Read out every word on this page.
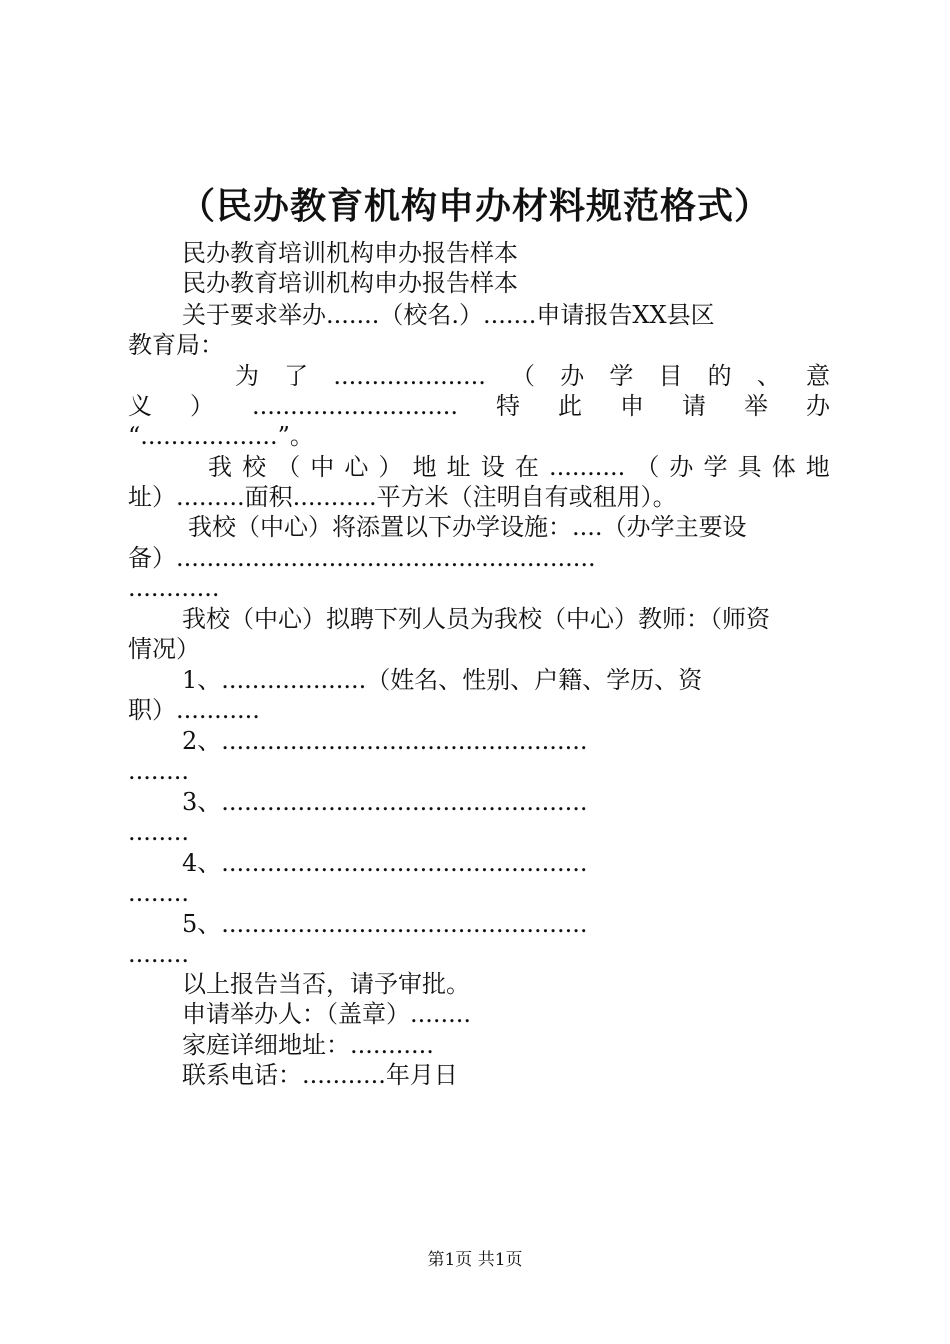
（民办教育机构申办材料规范格式）
民办教育培训机构申办报告样本
民办教育培训机构申办报告样本
关于要求举办.......（校名.）.......申请报告XX县区
教育局：
为 了 .................... （ 办 学 目 的 、 意
义 ） ........................... 特 此 申 请 举 办
“..................”。
我 校 （ 中 心 ） 地 址 设 在 .......... （ 办 学 具 体 地
址）.........面积...........平方米（注明自有或租用）。
我校（中心）将添置以下办学设施：....（办学主要设
备）.......................................................
............
我校（中心）拟聘下列人员为我校（中心）教师：（师资
情况）
1、...................（姓名、性别、户籍、学历、资
职）...........
2、................................................
........
3、................................................
........
4、................................................
........
5、................................................
........
以上报告当否，请予审批。
申请举办人：（盖章）........
家庭详细地址：...........
联系电话：...........年月日
第1页 共1页
